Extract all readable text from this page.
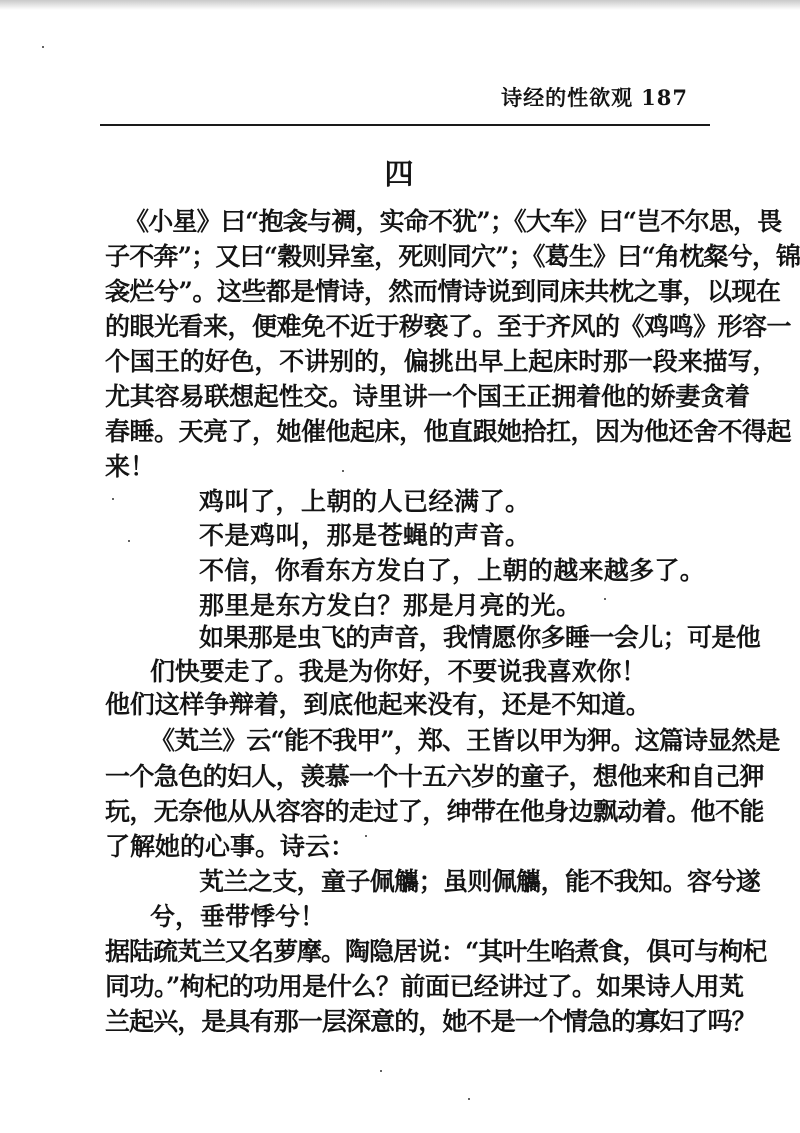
诗经的性欲观 187
四
《小星》曰“抱衾与裯，实命不犹”；《大车》曰“岂不尔思，畏
子不奔”；又曰“穀则异室，死则同穴”；《葛生》曰“角枕粲兮，锦
衾烂兮”。这些都是情诗，然而情诗说到同床共枕之事，以现在
的眼光看来，便难免不近于秽亵了。至于齐风的《鸡鸣》形容一
个国王的好色，不讲别的，偏挑出早上起床时那一段来描写，
尤其容易联想起性交。诗里讲一个国王正拥着他的娇妻贪着
春睡。天亮了，她催他起床，他直跟她拾扛，因为他还舍不得起
来！
鸡叫了，上朝的人已经满了。
不是鸡叫，那是苍蝇的声音。
不信，你看东方发白了，上朝的越来越多了。
那里是东方发白？那是月亮的光。
如果那是虫飞的声音，我情愿你多睡一会儿；可是他
们快要走了。我是为你好，不要说我喜欢你！
他们这样争辩着，到底他起来没有，还是不知道。
《芄兰》云“能不我甲”，郑、王皆以甲为狎。这篇诗显然是
一个急色的妇人，羡慕一个十五六岁的童子，想他来和自己狎
玩，无奈他从从容容的走过了，绅带在他身边飘动着。他不能
了解她的心事。诗云：
芄兰之支，童子佩觿；虽则佩觿，能不我知。容兮遂
兮，垂带悸兮！
据陆疏芄兰又名萝摩。陶隐居说：“其叶生啗煮食，俱可与枸杞
同功。”枸杞的功用是什么？前面已经讲过了。如果诗人用芄
兰起兴，是具有那一层深意的，她不是一个情急的寡妇了吗？
